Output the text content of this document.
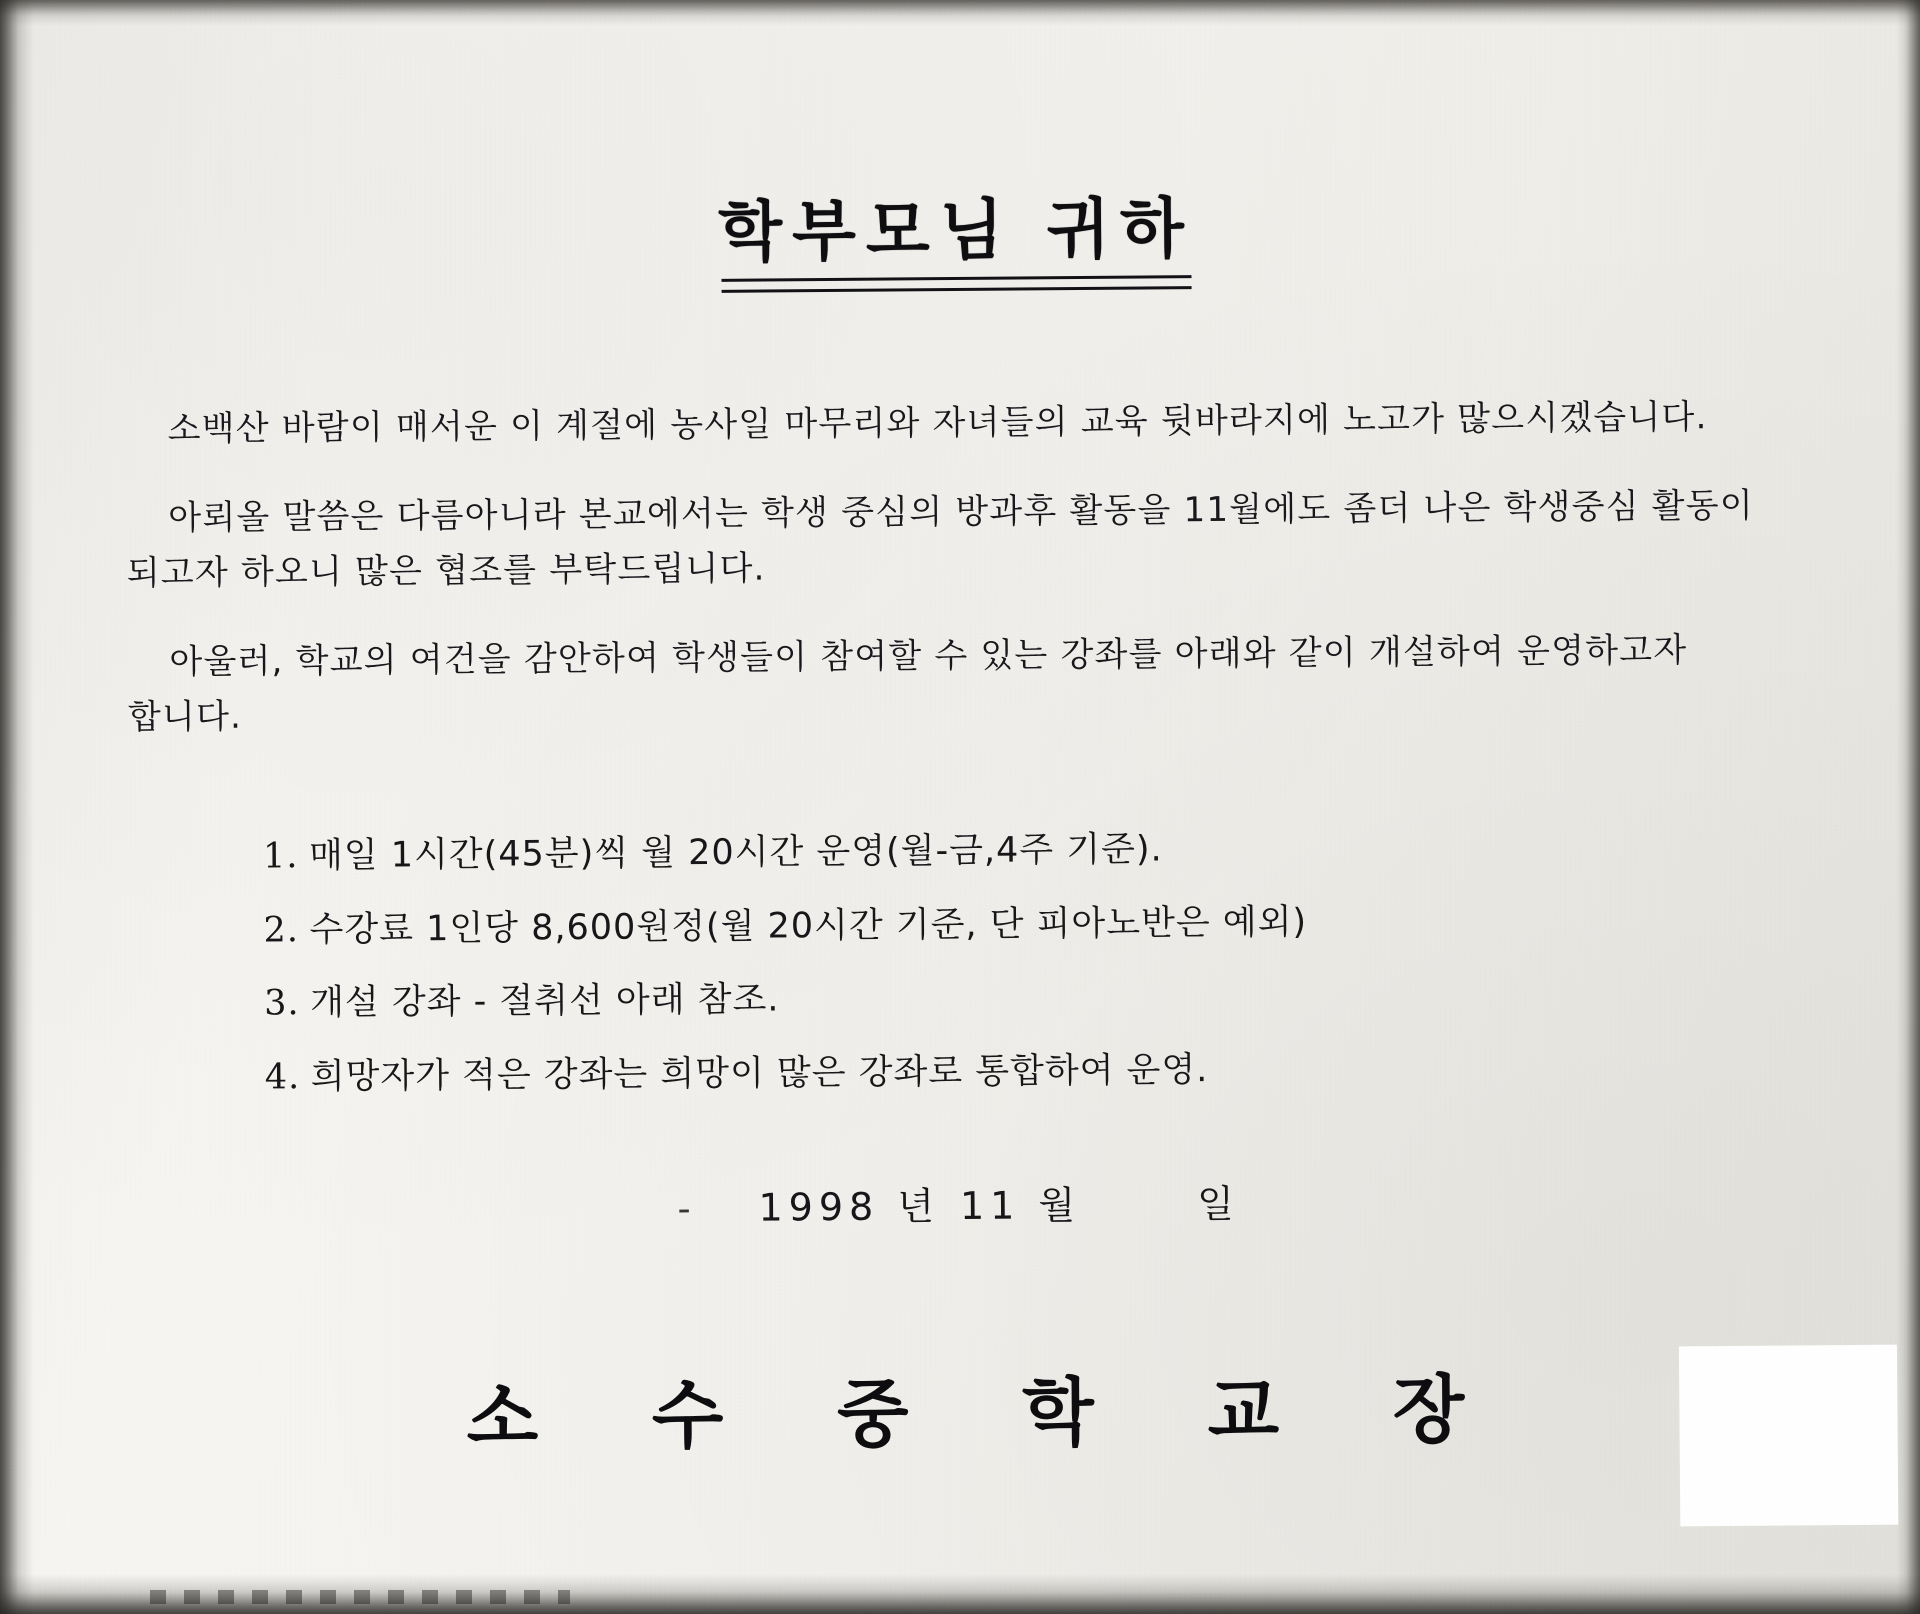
학부모님 귀하

소백산 바람이 매서운 이 계절에 농사일 마무리와 자녀들의 교육 뒷바라지에 노고가 많으시겠습니다.

아뢰올 말씀은 다름아니라 본교에서는 학생 중심의 방과후 활동을 11월에도 좀더 나은 학생중심 활동이 되고자 하오니 많은 협조를 부탁드립니다.

아울러, 학교의 여건을 감안하여 학생들이 참여할 수 있는 강좌를 아래와 같이 개설하여 운영하고자 합니다.

1. 매일 1시간(45분)씩 월 20시간 운영(월-금,4주 기준).
2. 수강료 1인당 8,600원정(월 20시간 기준, 단 피아노반은 예외)
3. 개설 강좌 - 절취선 아래 참조.
4. 희망자가 적은 강좌는 희망이 많은 강좌로 통합하여 운영.
- 1998 년 11 월	일
소 수 중 학 교 장
